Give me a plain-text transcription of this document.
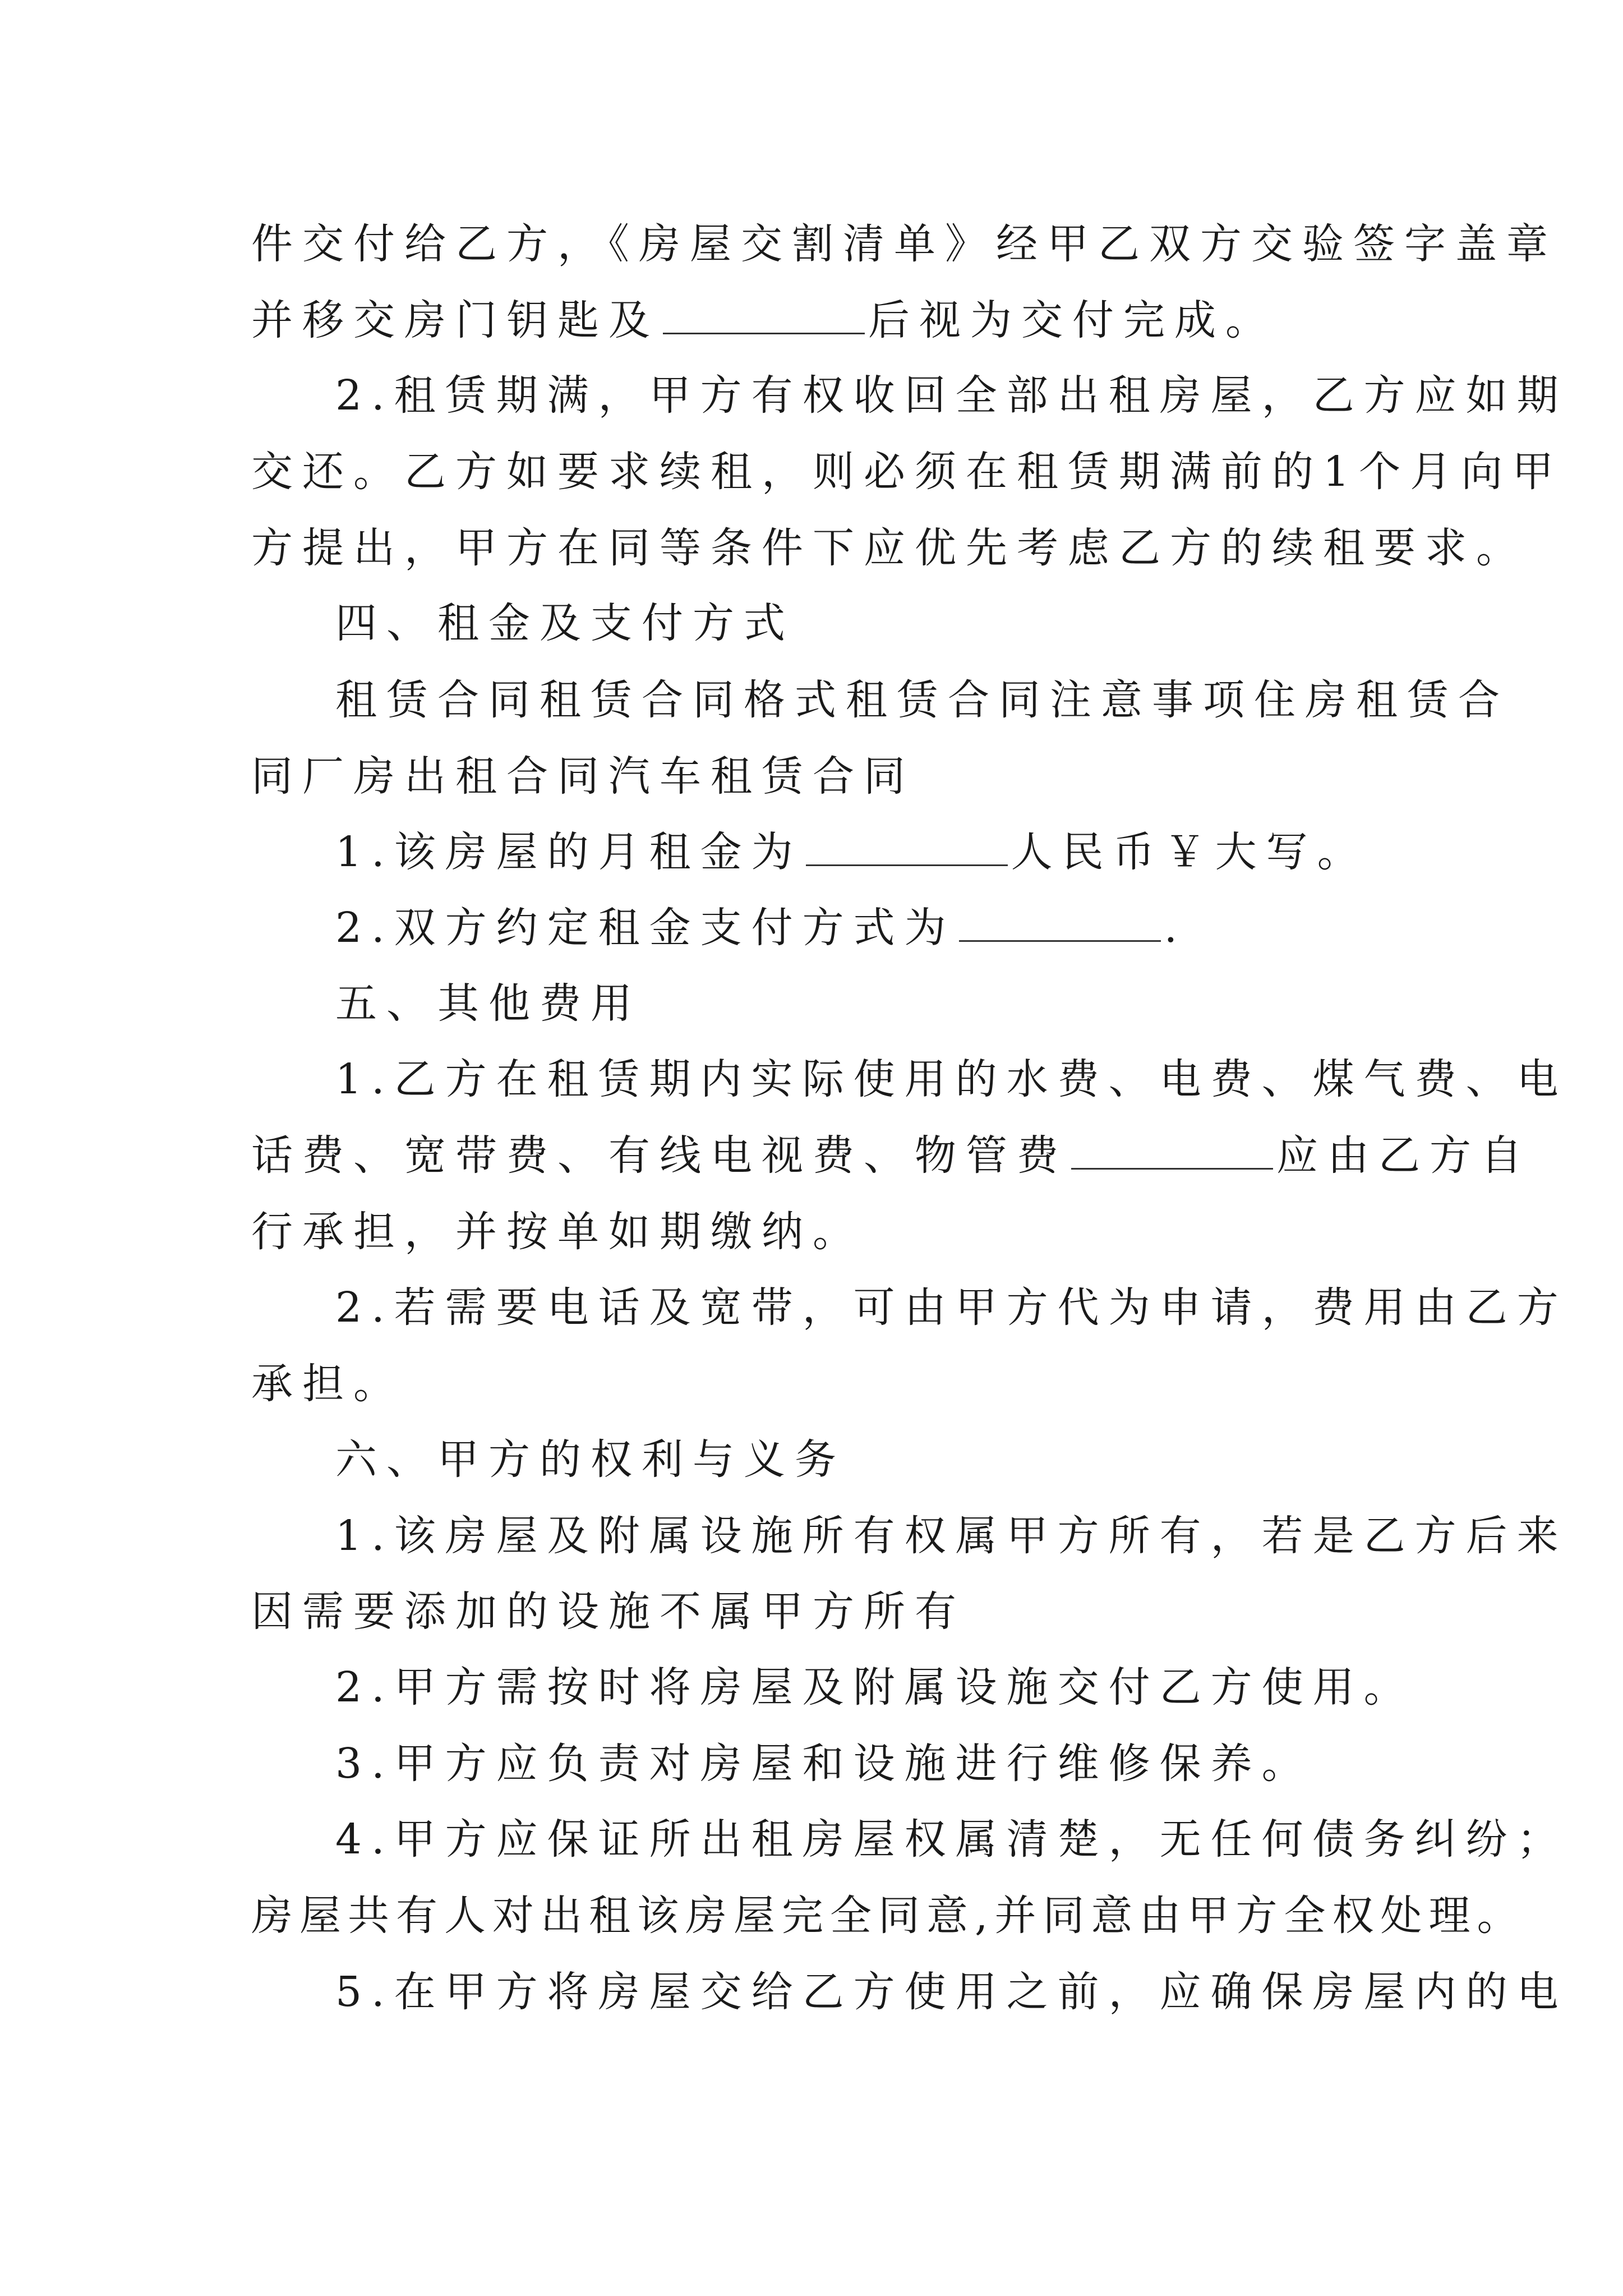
件交付给乙方，《房屋交割清单》经甲乙双方交验签字盖章
并移交房门钥匙及	后视为交付完成。
2.租赁期满，甲方有权收回全部出租房屋，乙方应如期
交还。乙方如要求续租，则必须在租赁期满前的1个月向甲
方提出，甲方在同等条件下应优先考虑乙方的续租要求。
四、租金及支付方式
租赁合同租赁合同格式租赁合同注意事项住房租赁合
同厂房出租合同汽车租赁合同
1.该房屋的月租金为	人民币￥大写。
2.双方约定租金支付方式为	.
五、其他费用
1.乙方在租赁期内实际使用的水费、电费、煤气费、电
话费、宽带费、有线电视费、物管费	应由乙方自
行承担，并按单如期缴纳。
2.若需要电话及宽带，可由甲方代为申请，费用由乙方
承担。
六、甲方的权利与义务
1.该房屋及附属设施所有权属甲方所有，若是乙方后来
因需要添加的设施不属甲方所有
2.甲方需按时将房屋及附属设施交付乙方使用。
3.甲方应负责对房屋和设施进行维修保养。
4.甲方应保证所出租房屋权属清楚，无任何债务纠纷；
房屋共有人对出租该房屋完全同意,并同意由甲方全权处理。
5.在甲方将房屋交给乙方使用之前，应确保房屋内的电
